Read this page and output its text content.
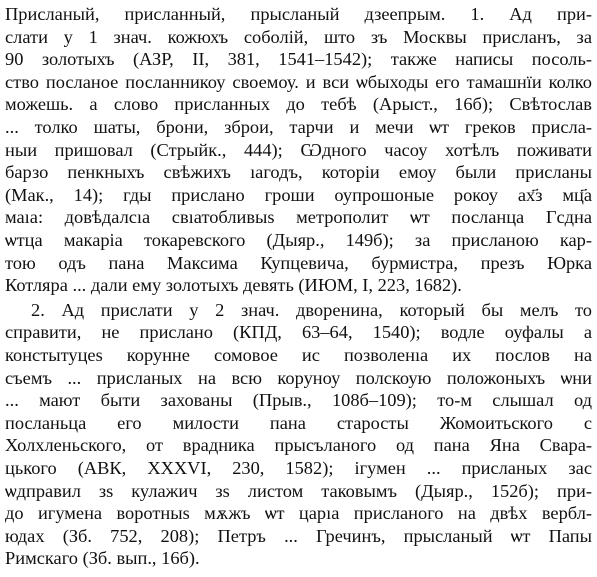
Присланый, присланный, прысланый дзеeпрым. 1. Ад при-
слати у 1 знач. кожюхъ соболій, што зъ Москвы присланъ, за
90 золотыхъ (АЗР, II, 381, 1541–1542); также написы посоль-
ство посланое посланникоу своемоу. и вси ѡбыходы его тамашнїи колко
можешь. а слово присланных до тебѣ (Арыст., 16б); Свѣтослав
... толко шаты, брони, зброи, тарчи и мечи ѡт греков присла-
ныи пришовал (Стрыйк., 444); Ѡдного часоу хотѣлъ поживати
барзо пенкныхъ свѣжихъ ıагодъ, которіи емоу были присланы
(Мак., 14); гды прислано гроши оупрошоные рокоу ах҃з мц҃а
маıа: довѣдалсıа свıатобливыѕ метрополит ѡт посланца Гсдна
ѡтца макаріа токаревского (Дыяр., 149б); за присланою кар-
тою одъ пана Максима Купцевича, бурмистра, презъ Юрка
Котляра ... дали ему золотыхъ девять (ИЮМ, I, 223, 1682).
2. Ад прислати у 2 знач. дворенина, который бы мелъ то
справити, не прислано (КПД, 63–64, 1540); водле оуфалы а
констытуцеѕ корунне сомовое ис позволенıа их послов на
съемъ ... присланых на всю коруноу полскоую положоныхъ ѡни
... мают быти захованы (Прыв., 108б–109); то-м слышал од
посланьца его милости пана старосты Жомоитьского с
Холхленьского, от врадника прысъланого од пана Яна Свара-
цького (АВК, XXXVI, 230, 1582); ігумен ... присланых зас
ѡдправил зѕ кулажич зѕ листом таковымъ (Дыяр., 152б); при-
до игумена воротныѕ мѫжъ ѡт царıа присланого на двѣх вербл-
юдах (Зб. 752, 208); Петръ ... Гречинъ, прысланый ѡт Папы
Римскаго (Зб. вып., 16б).
